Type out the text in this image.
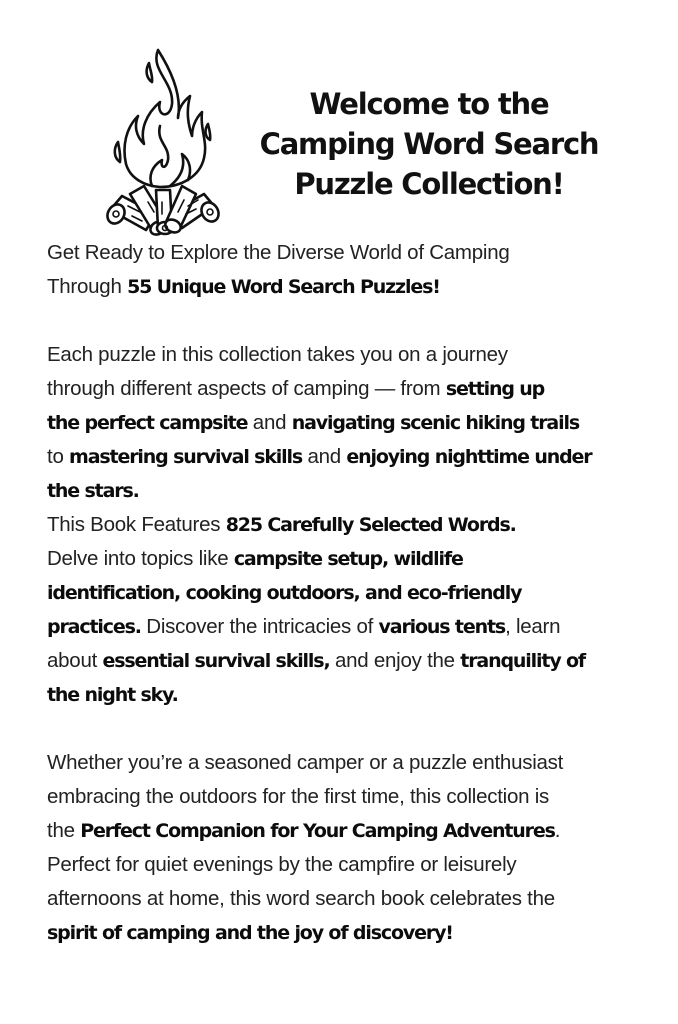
Welcome to the
Camping Word Search
Puzzle Collection!
Get Ready to Explore the Diverse World of Camping
Through 55 Unique Word Search Puzzles!
Each puzzle in this collection takes you on a journey
through different aspects of camping — from setting up
the perfect campsite and navigating scenic hiking trails
to mastering survival skills and enjoying nighttime under
the stars.
This Book Features 825 Carefully Selected Words.
Delve into topics like campsite setup, wildlife
identification, cooking outdoors, and eco-friendly
practices. Discover the intricacies of various tents, learn
about essential survival skills, and enjoy the tranquility of
the night sky.
Whether you’re a seasoned camper or a puzzle enthusiast
embracing the outdoors for the first time, this collection is
the Perfect Companion for Your Camping Adventures.
Perfect for quiet evenings by the campfire or leisurely
afternoons at home, this word search book celebrates the
spirit of camping and the joy of discovery!
